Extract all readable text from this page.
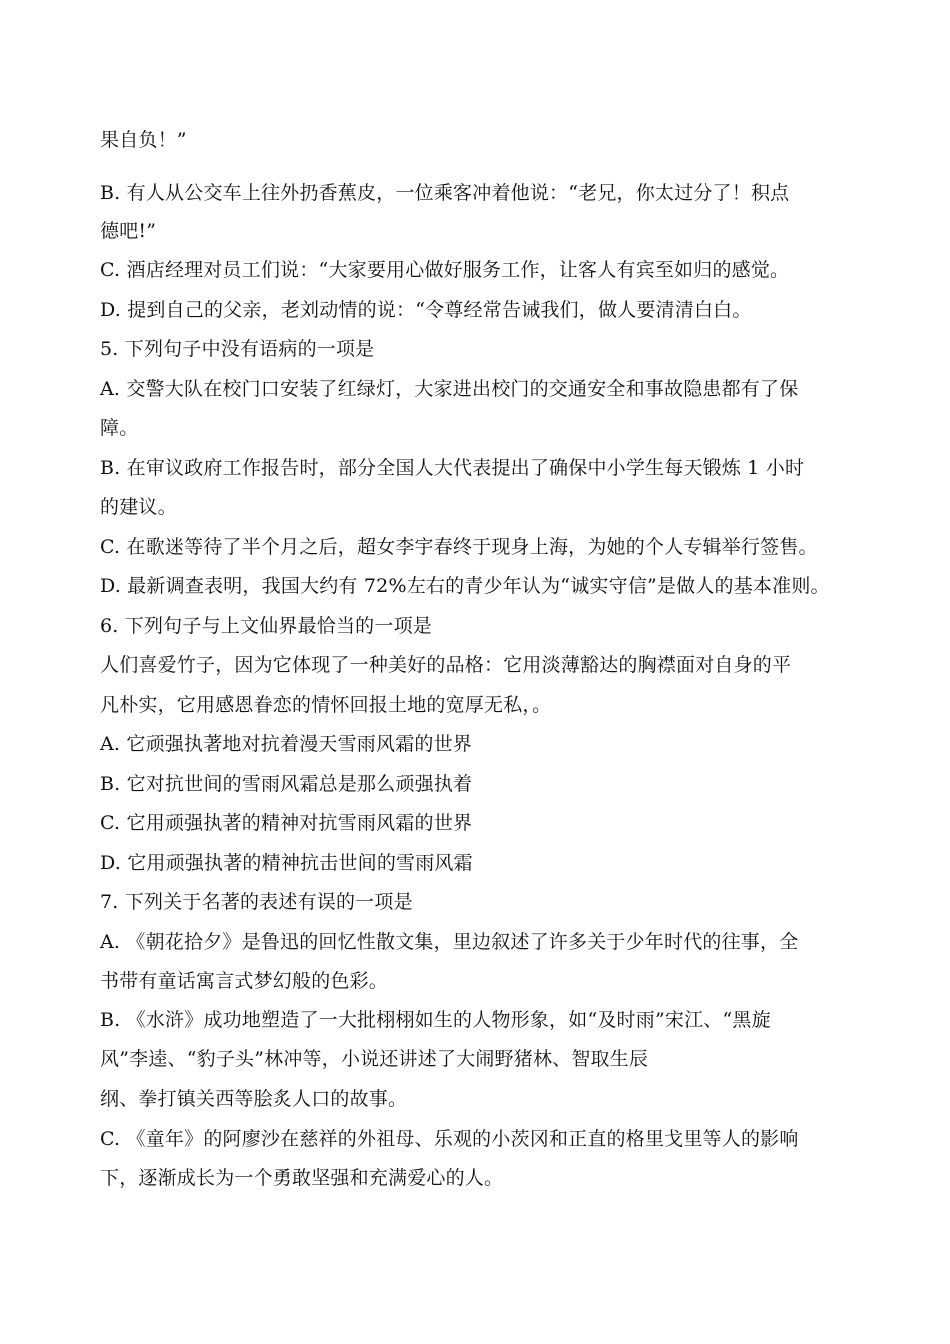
果自负！”
B. 有人从公交车上往外扔香蕉皮，一位乘客冲着他说：“老兄，你太过分了！积点
德吧!”
C. 酒店经理对员工们说：“大家要用心做好服务工作，让客人有宾至如归的感觉。
D. 提到自己的父亲，老刘动情的说：“令尊经常告诫我们，做人要清清白白。
5. 下列句子中没有语病的一项是
A. 交警大队在校门口安装了红绿灯，大家进出校门的交通安全和事故隐患都有了保
障。
B. 在审议政府工作报告时，部分全国人大代表提出了确保中小学生每天锻炼 1 小时
的建议。
C. 在歌迷等待了半个月之后，超女李宇春终于现身上海，为她的个人专辑举行签售。
D. 最新调查表明，我国大约有 72%左右的青少年认为“诚实守信”是做人的基本准则。
6. 下列句子与上文仙界最恰当的一项是
人们喜爱竹子，因为它体现了一种美好的品格：它用淡薄豁达的胸襟面对自身的平
凡朴实，它用感恩眷恋的情怀回报土地的宽厚无私，。
A. 它顽强执著地对抗着漫天雪雨风霜的世界
B. 它对抗世间的雪雨风霜总是那么顽强执着
C. 它用顽强执著的精神对抗雪雨风霜的世界
D. 它用顽强执著的精神抗击世间的雪雨风霜
7. 下列关于名著的表述有误的一项是
A. 《朝花拾夕》是鲁迅的回忆性散文集，里边叙述了许多关于少年时代的往事，全
书带有童话寓言式梦幻般的色彩。
B. 《水浒》成功地塑造了一大批栩栩如生的人物形象，如“及时雨”宋江、“黑旋
风”李逵、“豹子头”林冲等，小说还讲述了大闹野猪林、智取生辰
纲、拳打镇关西等脍炙人口的故事。
C. 《童年》的阿廖沙在慈祥的外祖母、乐观的小茨冈和正直的格里戈里等人的影响
下，逐渐成长为一个勇敢坚强和充满爱心的人。
